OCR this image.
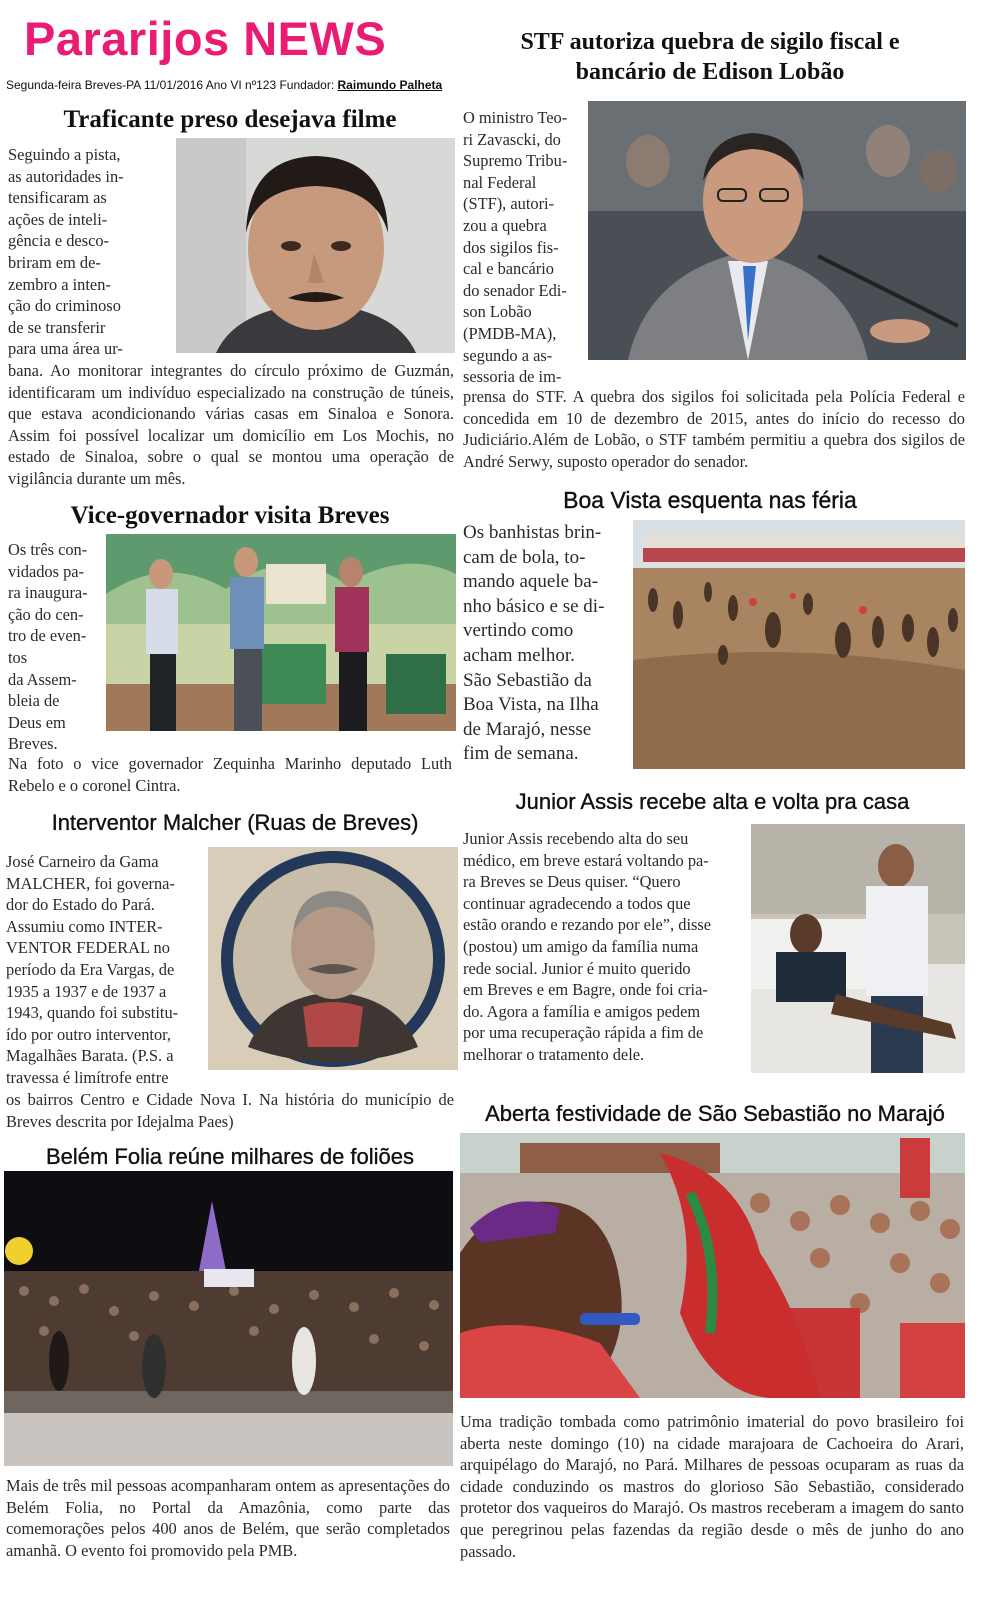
Pararijos NEWS
Segunda-feira Breves-PA 11/01/2016 Ano VI nº123 Fundador: Raimundo Palheta
Traficante preso desejava filme

Seguindo a pista,

as autoridades in-

tensificaram as

ações de inteli-

gência e desco-

briram em de-

zembro a inten-

ção do criminoso

de se transferir

para uma área ur-

bana. Ao monitorar integrantes do círculo próximo de Guzmán, identificaram um indivíduo especializado na construção de túneis, que estava acondicionando várias casas em Sinaloa e Sonora. Assim foi possível localizar um domicílio em Los Mochis, no estado de Sinaloa, sobre o qual se montou uma operação de vigilância durante um mês.

STF autoriza quebra de sigilo fiscal e
bancário de Edison Lobão

O ministro Teo-

ri Zavascki, do

Supremo Tribu-

nal Federal

(STF), autori-

zou a quebra

dos sigilos fis-

cal e bancário

do senador Edi-

son Lobão

(PMDB-MA),

segundo a as-

sessoria de im-

prensa do STF. A quebra dos sigilos foi solicitada pela Polícia Federal e concedida em 10 de dezembro de 2015, antes do início do recesso do Judiciário.Além de Lobão, o STF também permitiu a quebra dos sigilos de André Serwy, suposto operador do senador.

Vice-governador visita Breves

Os três con-

vidados pa-

ra inaugura-

ção do cen-

tro de even-

tos

da Assem-

bleia de

Deus em

Breves.

Na foto o vice governador Zequinha Marinho deputado Luth Rebelo e o coronel Cintra.

Boa Vista esquenta nas féria

Os banhistas brin-

cam de bola, to-

mando aquele ba-

nho básico e se di-

vertindo como

acham melhor.

São Sebastião da

Boa Vista, na Ilha

de Marajó, nesse

fim de semana.

Interventor Malcher (Ruas de Breves)

José Carneiro da Gama

MALCHER, foi governa-

dor do Estado do Pará.

Assumiu como INTER-

VENTOR FEDERAL no

período da Era Vargas, de

1935 a 1937 e de 1937 a

1943, quando foi substitu-

ído por outro interventor,

Magalhães Barata. (P.S. a

travessa é limítrofe entre

os bairros Centro e Cidade Nova I. Na história do município de Breves descrita por Idejalma Paes)

Junior Assis recebe alta e volta pra casa

Junior Assis recebendo alta do seu

médico, em breve estará voltando pa-

ra Breves se Deus quiser. “Quero

continuar agradecendo a todos que

estão orando e rezando por ele”, disse

(postou) um amigo da família numa

rede social. Junior é muito querido

em Breves e em Bagre, onde foi cria-

do. Agora a família e amigos pedem

por uma recuperação rápida a fim de

melhorar o tratamento dele.

Belém Folia reúne milhares de foliões

Mais de três mil pessoas acompanharam ontem as apresentações do Belém Folia, no Portal da Amazônia, como parte das comemorações pelos 400 anos de Belém, que serão completados amanhã. O evento foi promovido pela PMB.

Aberta festividade de São Sebastião no Marajó

Uma tradição tombada como patrimônio imaterial do povo brasileiro foi aberta neste domingo (10) na cidade marajoara de Cachoeira do Arari, arquipélago do Marajó, no Pará. Milhares de pessoas ocuparam as ruas da cidade conduzindo os mastros do glorioso São Sebastião, considerado protetor dos vaqueiros do Marajó. Os mastros receberam a imagem do santo que peregrinou pelas fazendas da região desde o mês de junho do ano passado.
